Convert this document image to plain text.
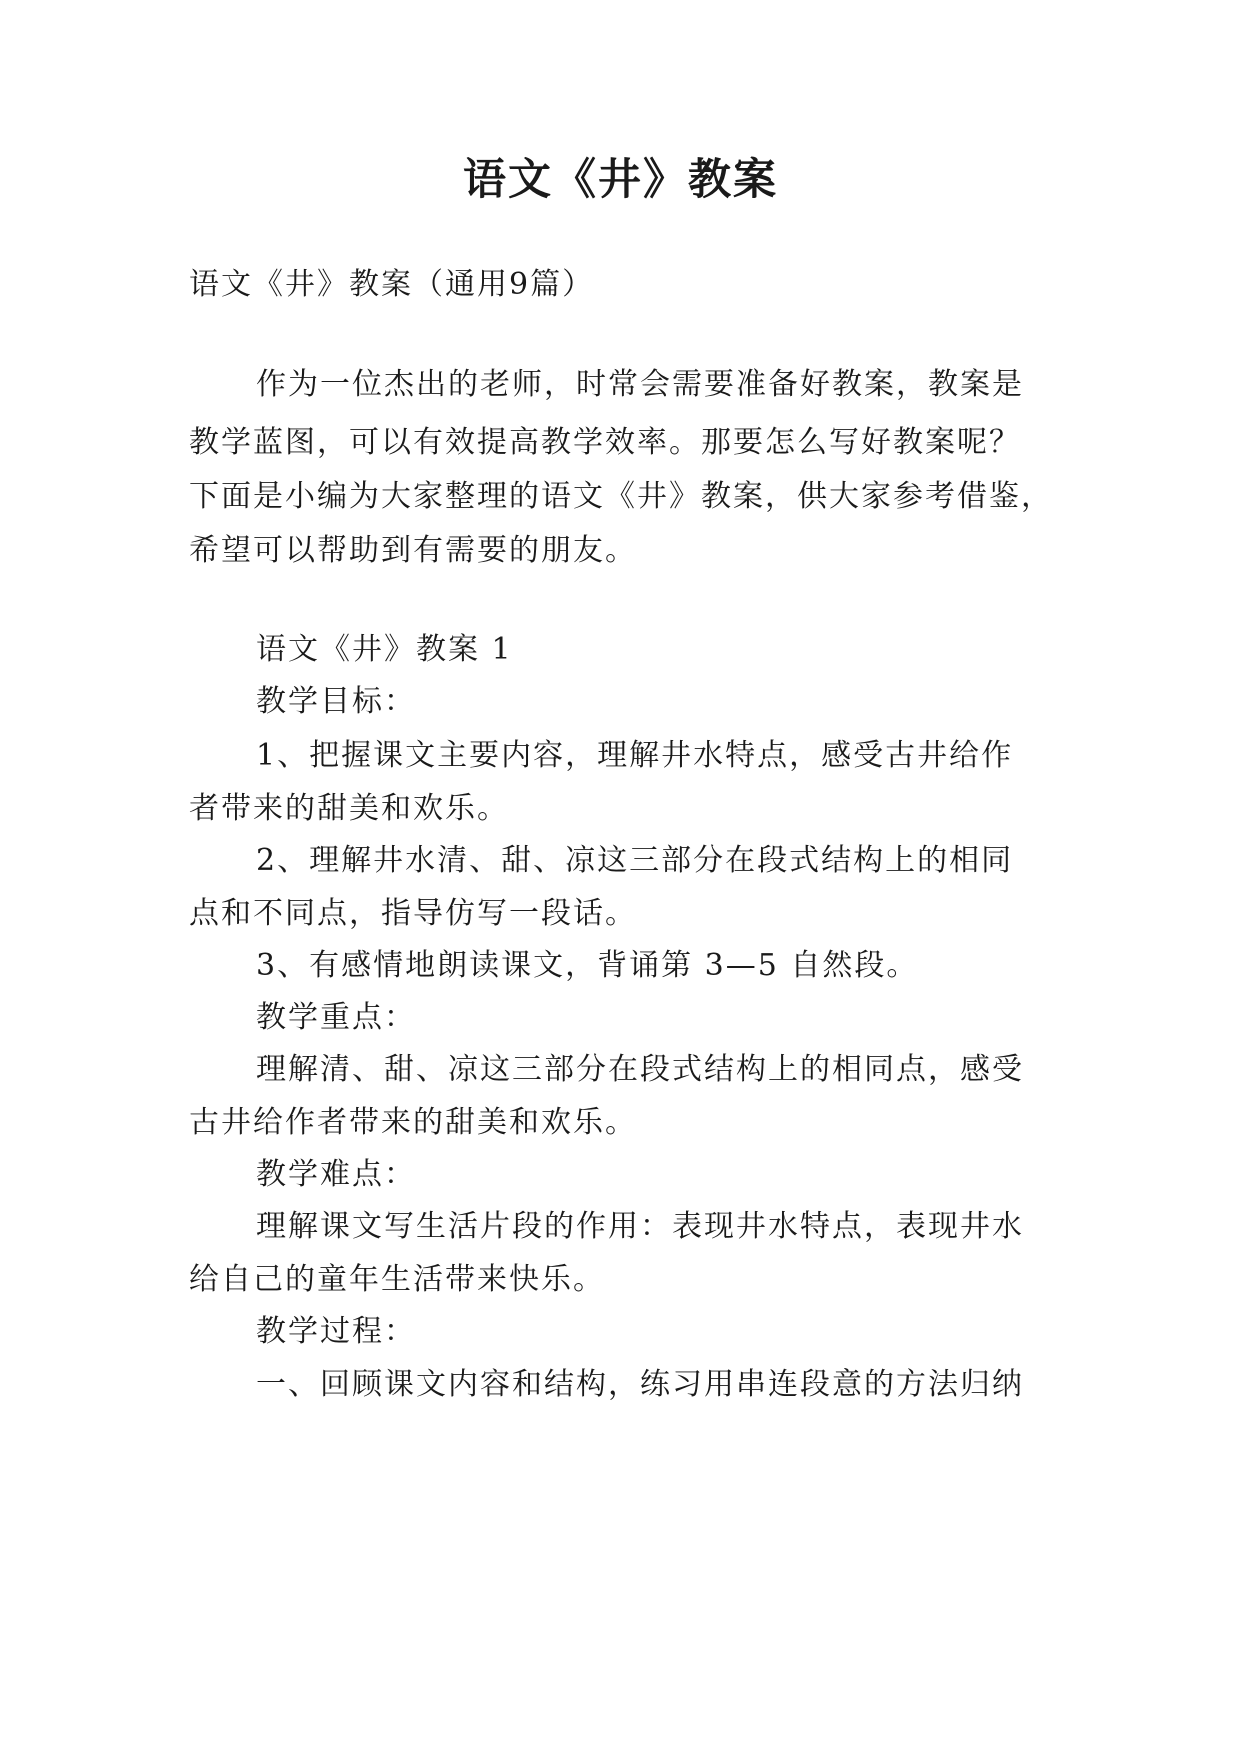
语文《井》教案

语文《井》教案（通用9篇）

作为一位杰出的老师，时常会需要准备好教案，教案是

教学蓝图，可以有效提高教学效率。那要怎么写好教案呢？

下面是小编为大家整理的语文《井》教案，供大家参考借鉴，

希望可以帮助到有需要的朋友。

语文《井》教案 1

教学目标：

1、把握课文主要内容，理解井水特点，感受古井给作

者带来的甜美和欢乐。

2、理解井水清、甜、凉这三部分在段式结构上的相同

点和不同点，指导仿写一段话。

3、有感情地朗读课文，背诵第 3—5 自然段。

教学重点：

理解清、甜、凉这三部分在段式结构上的相同点，感受

古井给作者带来的甜美和欢乐。

教学难点：

理解课文写生活片段的作用：表现井水特点，表现井水

给自己的童年生活带来快乐。

教学过程：

一、回顾课文内容和结构，练习用串连段意的方法归纳
